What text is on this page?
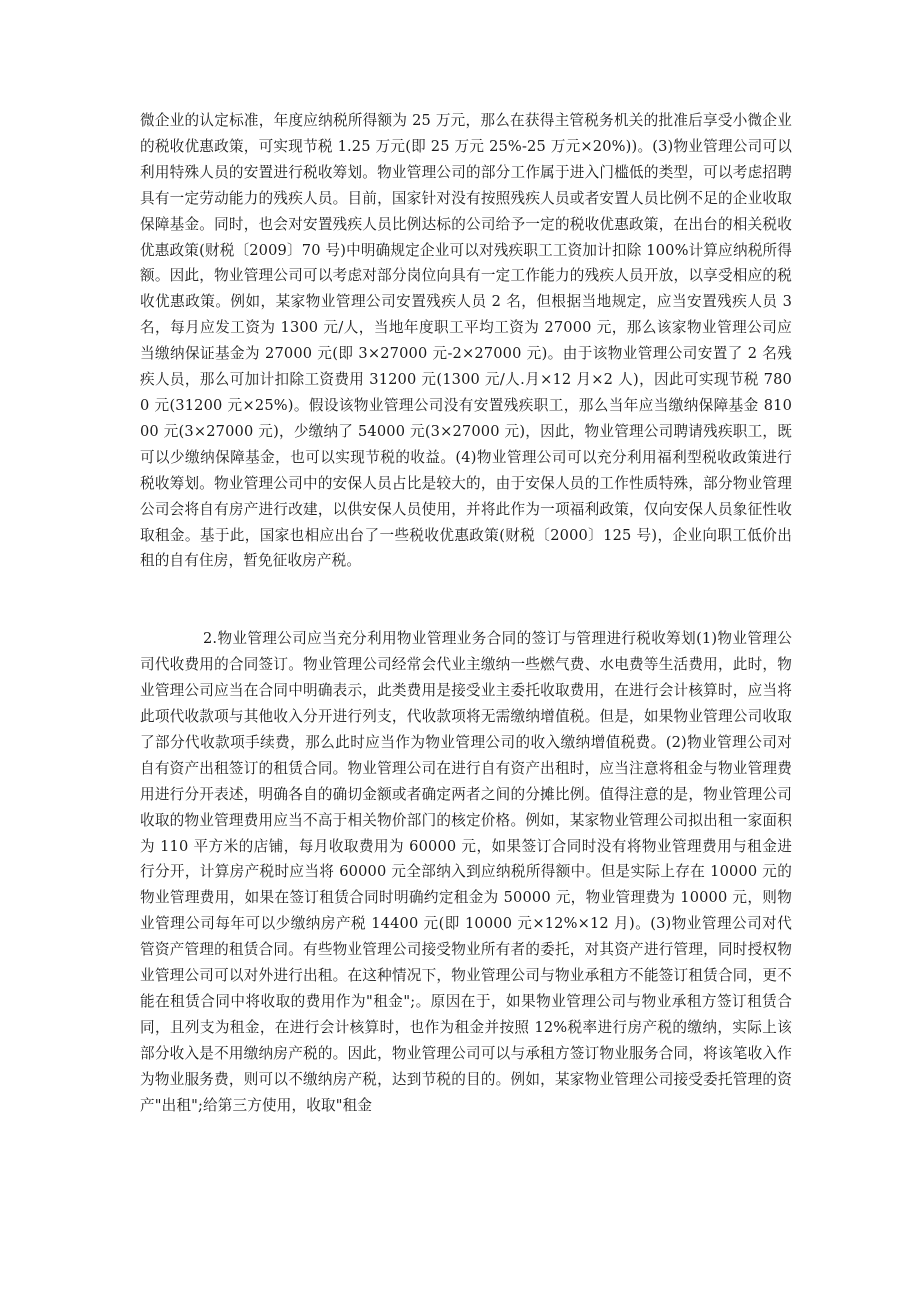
微企业的认定标准，年度应纳税所得额为 25 万元，那么在获得主管税务机关的批准后享受小微企业的税收优惠政策，可实现节税 1.25 万元(即 25 万元 25%-25 万元×20%))。(3)物业管理公司可以利用特殊人员的安置进行税收筹划。物业管理公司的部分工作属于进入门槛低的类型，可以考虑招聘具有一定劳动能力的残疾人员。目前，国家针对没有按照残疾人员或者安置人员比例不足的企业收取保障基金。同时，也会对安置残疾人员比例达标的公司给予一定的税收优惠政策，在出台的相关税收优惠政策(财税〔2009〕70 号)中明确规定企业可以对残疾职工工资加计扣除 100%计算应纳税所得额。因此，物业管理公司可以考虑对部分岗位向具有一定工作能力的残疾人员开放，以享受相应的税收优惠政策。例如，某家物业管理公司安置残疾人员 2 名，但根据当地规定，应当安置残疾人员 3 名，每月应发工资为 1300 元/人，当地年度职工平均工资为 27000 元，那么该家物业管理公司应当缴纳保证基金为 27000 元(即 3×27000 元-2×27000 元)。由于该物业管理公司安置了 2 名残疾人员，那么可加计扣除工资费用 31200 元(1300 元/人.月×12 月×2 人)，因此可实现节税 7800 元(31200 元×25%)。假设该物业管理公司没有安置残疾职工，那么当年应当缴纳保障基金 81000 元(3×27000 元)，少缴纳了 54000 元(3×27000 元)，因此，物业管理公司聘请残疾职工，既可以少缴纳保障基金，也可以实现节税的收益。(4)物业管理公司可以充分利用福利型税收政策进行税收筹划。物业管理公司中的安保人员占比是较大的，由于安保人员的工作性质特殊，部分物业管理公司会将自有房产进行改建，以供安保人员使用，并将此作为一项福利政策，仅向安保人员象征性收取租金。基于此，国家也相应出台了一些税收优惠政策(财税〔2000〕125 号)，企业向职工低价出租的自有住房，暂免征收房产税。

2.物业管理公司应当充分利用物业管理业务合同的签订与管理进行税收筹划(1)物业管理公司代收费用的合同签订。物业管理公司经常会代业主缴纳一些燃气费、水电费等生活费用，此时，物业管理公司应当在合同中明确表示，此类费用是接受业主委托收取费用，在进行会计核算时，应当将此项代收款项与其他收入分开进行列支，代收款项将无需缴纳增值税。但是，如果物业管理公司收取了部分代收款项手续费，那么此时应当作为物业管理公司的收入缴纳增值税费。(2)物业管理公司对自有资产出租签订的租赁合同。物业管理公司在进行自有资产出租时，应当注意将租金与物业管理费用进行分开表述，明确各自的确切金额或者确定两者之间的分摊比例。值得注意的是，物业管理公司收取的物业管理费用应当不高于相关物价部门的核定价格。例如，某家物业管理公司拟出租一家面积为 110 平方米的店铺，每月收取费用为 60000 元，如果签订合同时没有将物业管理费用与租金进行分开，计算房产税时应当将 60000 元全部纳入到应纳税所得额中。但是实际上存在 10000 元的物业管理费用，如果在签订租赁合同时明确约定租金为 50000 元，物业管理费为 10000 元，则物业管理公司每年可以少缴纳房产税 14400 元(即 10000 元×12%×12 月)。(3)物业管理公司对代管资产管理的租赁合同。有些物业管理公司接受物业所有者的委托，对其资产进行管理，同时授权物业管理公司可以对外进行出租。在这种情况下，物业管理公司与物业承租方不能签订租赁合同，更不能在租赁合同中将收取的费用作为"租金";。原因在于，如果物业管理公司与物业承租方签订租赁合同，且列支为租金，在进行会计核算时，也作为租金并按照 12%税率进行房产税的缴纳，实际上该部分收入是不用缴纳房产税的。因此，物业管理公司可以与承租方签订物业服务合同，将该笔收入作为物业服务费，则可以不缴纳房产税，达到节税的目的。例如，某家物业管理公司接受委托管理的资产"出租";给第三方使用，收取"租金
